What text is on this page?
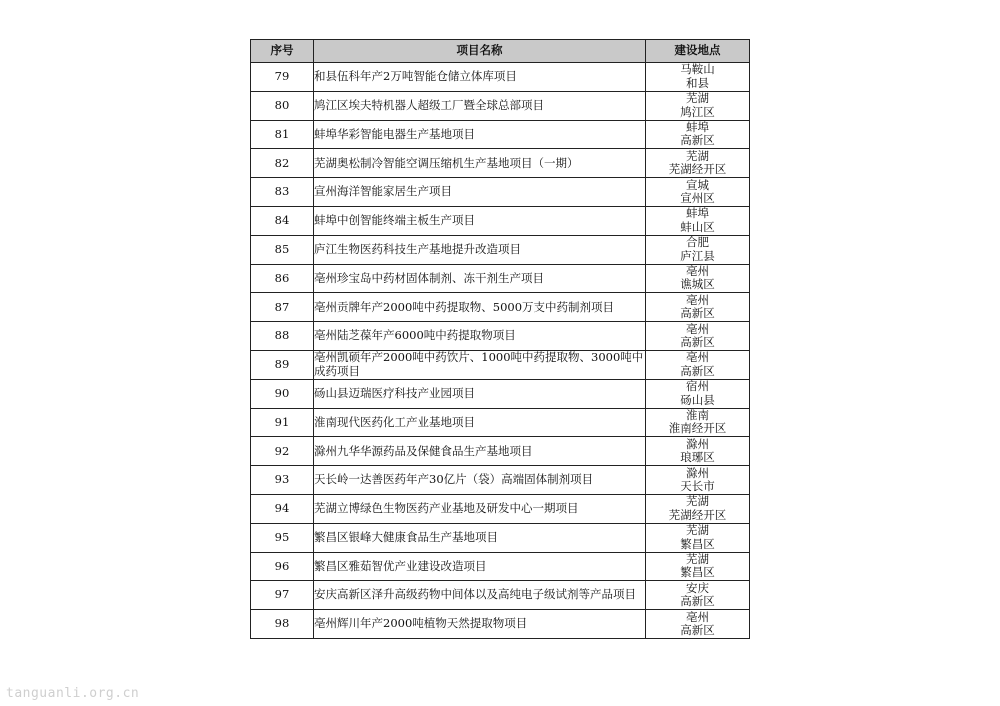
序号	项目名称	建设地点
79	和县伍科年产2万吨智能仓储立体库项目	马鞍山
和县

80	鸠江区埃夫特机器人超级工厂暨全球总部项目	芜湖
鸠江区

81	蚌埠华彩智能电器生产基地项目	蚌埠
高新区

82	芜湖奥松制冷智能空调压缩机生产基地项目（一期）	芜湖
芜湖经开区

83	宣州海洋智能家居生产项目	宣城
宣州区

84	蚌埠中创智能终端主板生产项目	蚌埠
蚌山区

85	庐江生物医药科技生产基地提升改造项目	合肥
庐江县

86	亳州珍宝岛中药材固体制剂、冻干剂生产项目	亳州
谯城区

87	亳州贡牌年产2000吨中药提取物、5000万支中药制剂项目	亳州
高新区

88	亳州陆芝葆年产6000吨中药提取物项目	亳州
高新区

89	亳州凯硕年产2000吨中药饮片、1000吨中药提取物、3000吨中成药项目	亳州
高新区

90	砀山县迈瑞医疗科技产业园项目	宿州
砀山县

91	淮南现代医药化工产业基地项目	淮南
淮南经开区

92	滁州九华华源药品及保健食品生产基地项目	滁州
琅琊区

93	天长岭一达善医药年产30亿片（袋）高端固体制剂项目	滁州
天长市

94	芜湖立博绿色生物医药产业基地及研发中心一期项目	芜湖
芜湖经开区

95	繁昌区银峰大健康食品生产基地项目	芜湖
繁昌区

96	繁昌区雅茹智优产业建设改造项目	芜湖
繁昌区

97	安庆高新区泽升高级药物中间体以及高纯电子级试剂等产品项目	安庆
高新区

98	亳州辉川年产2000吨植物天然提取物项目	亳州
高新区
tanguanli.org.cn
